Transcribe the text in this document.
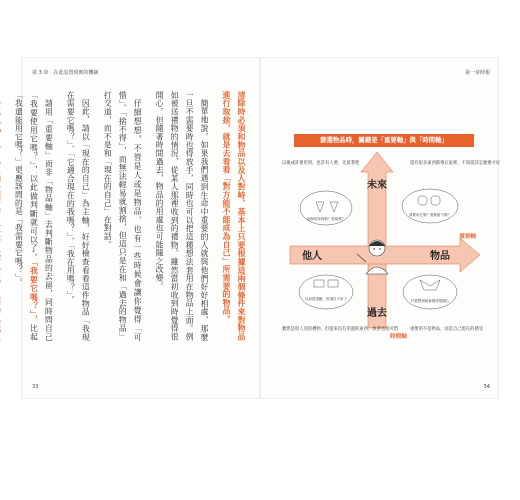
第 3 章　在此設置現實的機制

清除時必須和物品以及人對峙，基本上只要根據這兩個條件來對物品進行取捨，就是去看看「對方能不能成為自己」所需要的物品。

簡單地說，如果我們遇到生命中重要的人就與他們好好相處，那麼一旦不需要時也得放手，同時也可以把這種想法套用在物品上面。例如被送禮物的情況，從某人那裡收到的禮物，雖然當初收到時覺得很開心，但隨著時間過去，物品的用處也可能隨之改變。

仔細想想，不管是人或是物品，也有一些時候會讓你覺得「可惜」、「捨不得」，而無法輕易就割捨，但這只是在和「過去的物品」打交道，而不是和「現在的自己」在對話。

因此，請以「現在的自己」為主軸，好好檢查看看這件物品「我現在需要它嗎？」、「它適合現在的我嗎？」、「我在用嗎？」。

請用「重要軸」而非「物品軸」去判斷物品的去留，同時問自己「我要使用它嗎？」，以此做判斷就可以了。「我要它嗎？」，比起「我還能用它嗎？」更應該問的是「我需要它嗎？」。

33
第一章時報
篩選物品時，關鍵是「重要軸」與「時間軸」
未來
過去
他人	物品
重要軸
時間軸
這個用得到嗎？要留嗎？
我要用它嗎？需要留下嗎？
以前很喜歡，但現在不用了	只要想到就會覺得很開心
以後或許會用到，也許有人要，先留著吧	還有很多東西都堆在家裡，不知道該怎麼辦才好
雖然是別人送的禮物，但從來沒有用過的東西，放著也很可惜	重要的不是物品，而是自己現在的感受
34
